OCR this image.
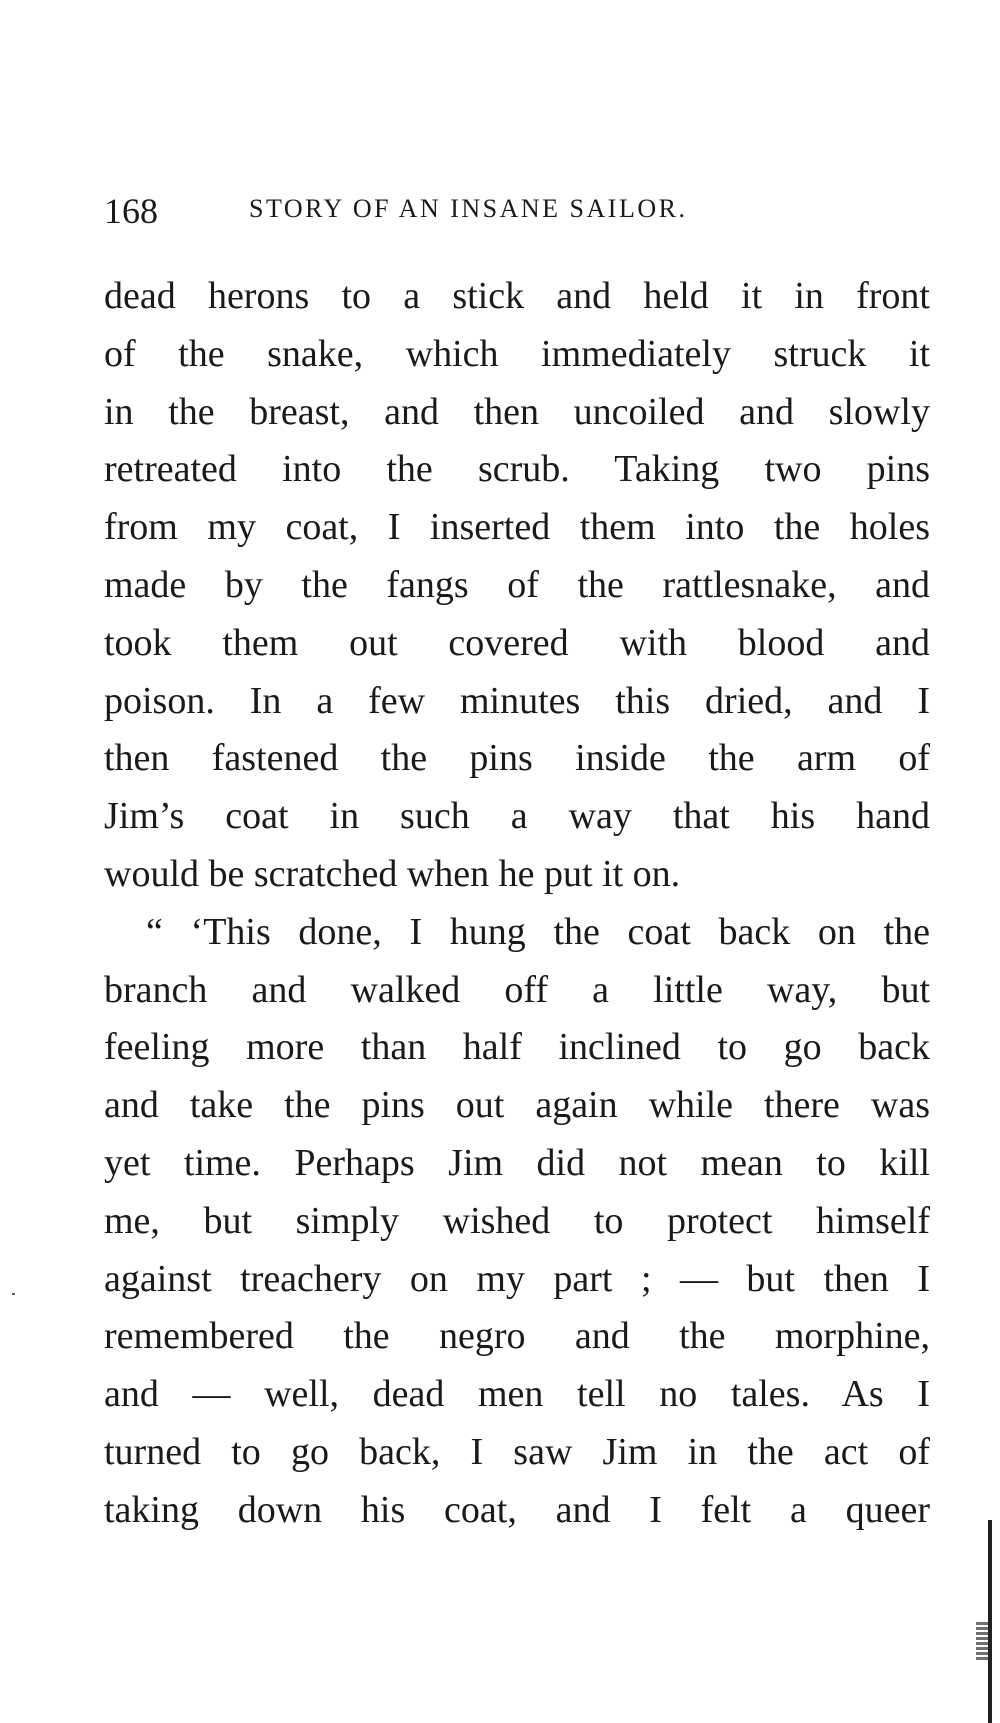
168	STORY OF AN INSANE SAILOR.
dead herons to a stick and held it in front
of the snake, which immediately struck it
in the breast, and then uncoiled and slowly
retreated into the scrub. Taking two pins
from my coat, I inserted them into the holes
made by the fangs of the rattlesnake, and
took them out covered with blood and
poison. In a few minutes this dried, and I
then fastened the pins inside the arm of
Jim’s coat in such a way that his hand
would be scratched when he put it on.
“ ‘This done, I hung the coat back on the
branch and walked off a little way, but
feeling more than half inclined to go back
and take the pins out again while there was
yet time. Perhaps Jim did not mean to kill
me, but simply wished to protect himself
against treachery on my part ; — but then I
remembered the negro and the morphine,
and — well, dead men tell no tales. As I
turned to go back, I saw Jim in the act of
taking down his coat, and I felt a queer
